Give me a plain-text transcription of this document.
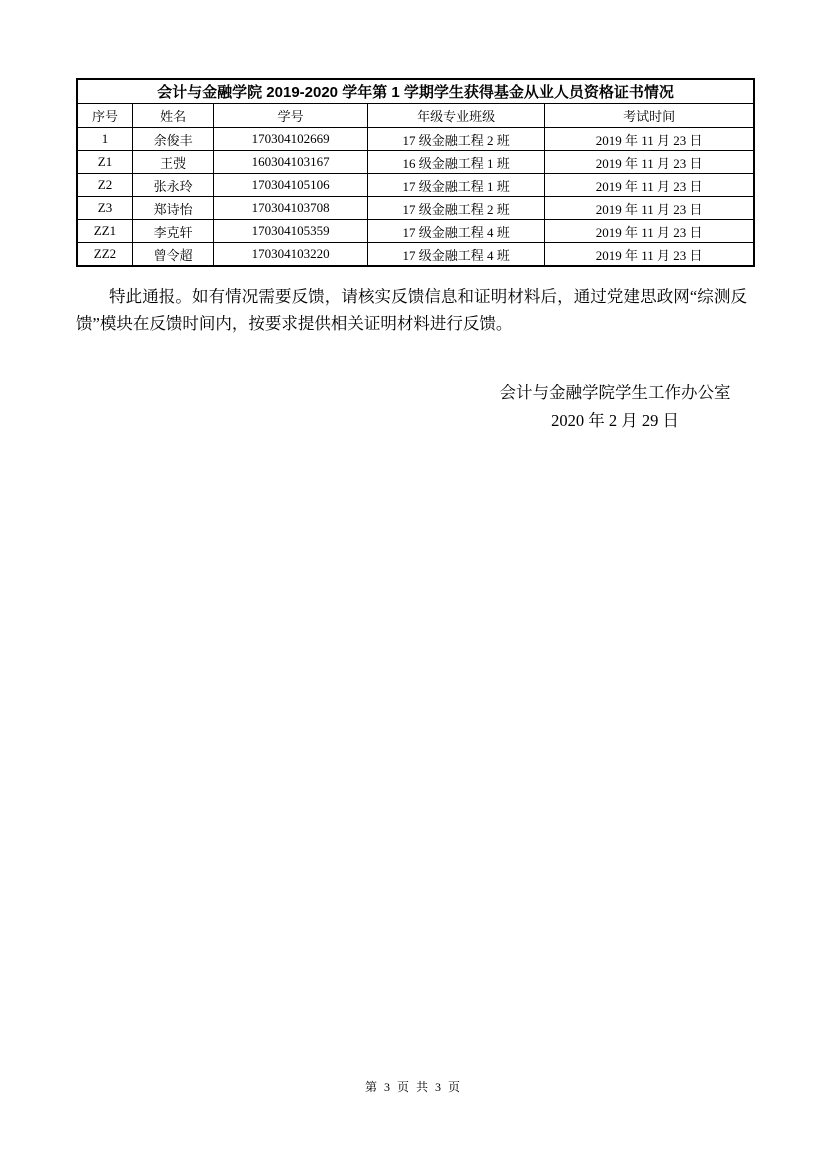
会计与金融学院 2019-2020 学年第 1 学期学生获得基金从业人员资格证书情况				
序号	姓名	学号	年级专业班级	考试时间
1	余俊丰	170304102669	17 级金融工程 2 班	2019 年 11 月 23 日
Z1	王弢	160304103167	16 级金融工程 1 班	2019 年 11 月 23 日
Z2	张永玲	170304105106	17 级金融工程 1 班	2019 年 11 月 23 日
Z3	郑诗怡	170304103708	17 级金融工程 2 班	2019 年 11 月 23 日
ZZ1	李克轩	170304105359	17 级金融工程 4 班	2019 年 11 月 23 日
ZZ2	曾令超	170304103220	17 级金融工程 4 班	2019 年 11 月 23 日

特此通报。如有情况需要反馈，请核实反馈信息和证明材料后，通过党建思政网“综测反馈”模块在反馈时间内，按要求提供相关证明材料进行反馈。

会计与金融学院学生工作办公室
2020 年 2 月 29 日
第 3 页 共 3 页
